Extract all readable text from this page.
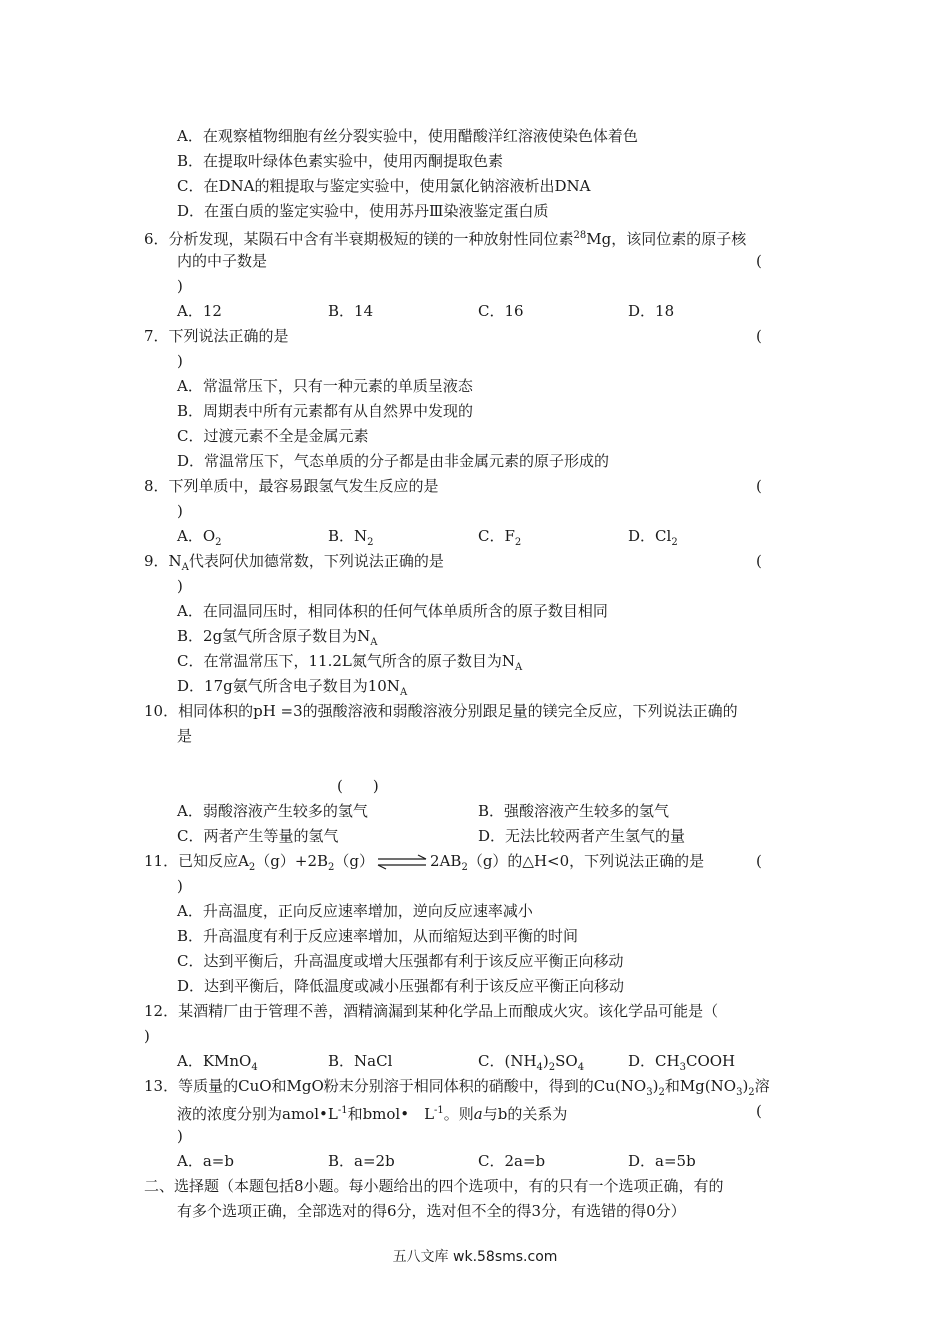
A．在观察植物细胞有丝分裂实验中，使用醋酸洋红溶液使染色体着色
B．在提取叶绿体色素实验中，使用丙酮提取色素
C．在DNA的粗提取与鉴定实验中，使用氯化钠溶液析出DNA
D．在蛋白质的鉴定实验中，使用苏丹Ⅲ染液鉴定蛋白质
6．分析发现，某陨石中含有半衰期极短的镁的一种放射性同位素$^{28}$Mg，该同位素的原子核
内的中子数是	(
)
A．12	B．14	C．16	D．18
7．下列说法正确的是	(
)
A．常温常压下，只有一种元素的单质呈液态
B．周期表中所有元素都有从自然界中发现的
C．过渡元素不全是金属元素
D．常温常压下，气态单质的分子都是由非金属元素的原子形成的
8．下列单质中，最容易跟氢气发生反应的是	(
)
A．$O_2$	B．$N_2$	C．$F_2$	D．$Cl_2$
9．$N_A$代表阿伏加德常数，下列说法正确的是	(
)
A．在同温同压时，相同体积的任何气体单质所含的原子数目相同
B．2g氢气所含原子数目为$N_A$
C．在常温常压下，11.2L氮气所含的原子数目为$N_A$
D．17g氨气所含电子数目为$10N_A$
10．相同体积的pH =3的强酸溶液和弱酸溶液分别跟足量的镁完全反应，下列说法正确的
是
(　　)
A．弱酸溶液产生较多的氢气	B．强酸溶液产生较多的氢气
C．两者产生等量的氢气	D．无法比较两者产生氢气的量
11．已知反应$A_2(g)+2B_2(g)$ ⇌ $2AB_2(g)$的△H<0，下列说法正确的是	(
)
A．升高温度，正向反应速率增加，逆向反应速率减小
B．升高温度有利于反应速率增加，从而缩短达到平衡的时间
C．达到平衡后，升高温度或增大压强都有利于该反应平衡正向移动
D．达到平衡后，降低温度或减小压强都有利于该反应平衡正向移动
12．某酒精厂由于管理不善，酒精滴漏到某种化学品上而酿成火灾。该化学品可能是（
)
A．KMnO$_4$	B．NaCl	C．$(NH_4)_2SO_4$	D．$CH_3COOH$
13．等质量的CuO和MgO粉末分别溶于相同体积的硝酸中，得到的$Cu(NO_3)_2$和$Mg(NO_3)_2$溶
液的浓度分别为$amol•L^{-1}$和bmol•　$L^{-1}$。则a与b的关系为	(
)
A．a=b	B．a=2b	C．2a=b	D．a=5b
二、选择题（本题包括8小题。每小题给出的四个选项中，有的只有一个选项正确，有的
有多个选项正确，全部选对的得6分，选对但不全的得3分，有选错的得0分）
五八文库 wk.58sms.com
